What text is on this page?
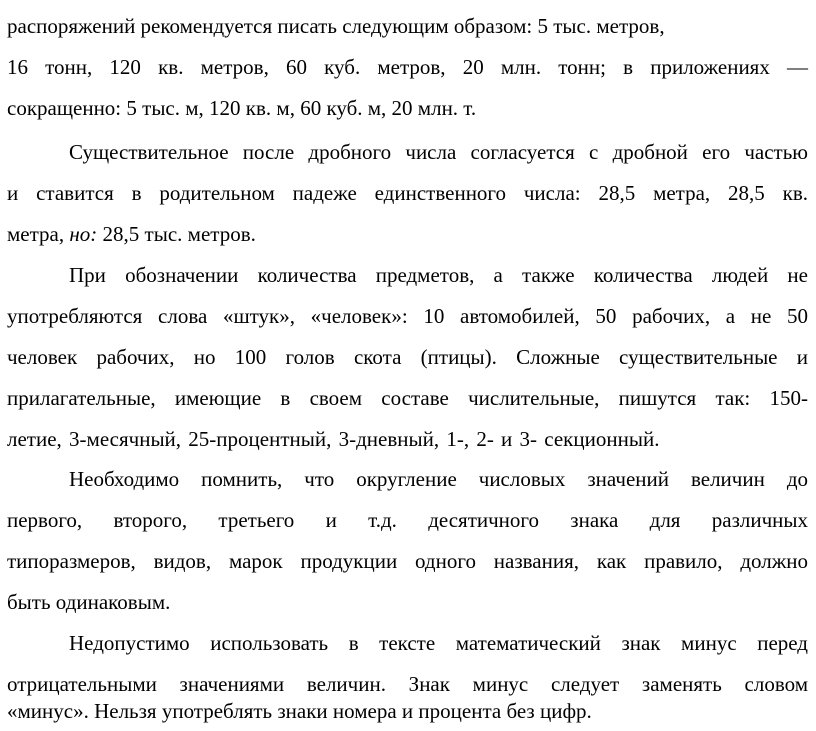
распоряжений рекомендуется писать следующим образом: 5 тыс. метров,
16 тонн, 120 кв. метров, 60 куб. метров, 20 млн. тонн; в приложениях —
сокращенно: 5 тыс. м, 120 кв. м, 60 куб. м, 20 млн. т.
Существительное после дробного числа согласуется с дробной его частью
и ставится в родительном падеже единственного числа: 28,5 метра, 28,5 кв.
метра, но: 28,5 тыс. метров.
При обозначении количества предметов, а также количества людей не
употребляются слова «штук», «человек»: 10 автомобилей, 50 рабочих, а не 50
человек рабочих, но 100 голов скота (птицы). Сложные существительные и
прилагательные, имеющие в своем составе числительные, пишутся так: 150-
летие, 3-месячный, 25-процентный, 3-дневный, 1-, 2- и 3- секционный.
Необходимо помнить, что округление числовых значений величин до
первого, второго, третьего и т.д. десятичного знака для различных
типоразмеров, видов, марок продукции одного названия, как правило, должно
быть одинаковым.
Недопустимо использовать в тексте математический знак минус перед
отрицательными значениями величин. Знак минус следует заменять словом
«минус». Нельзя употреблять знаки номера и процента без цифр.
